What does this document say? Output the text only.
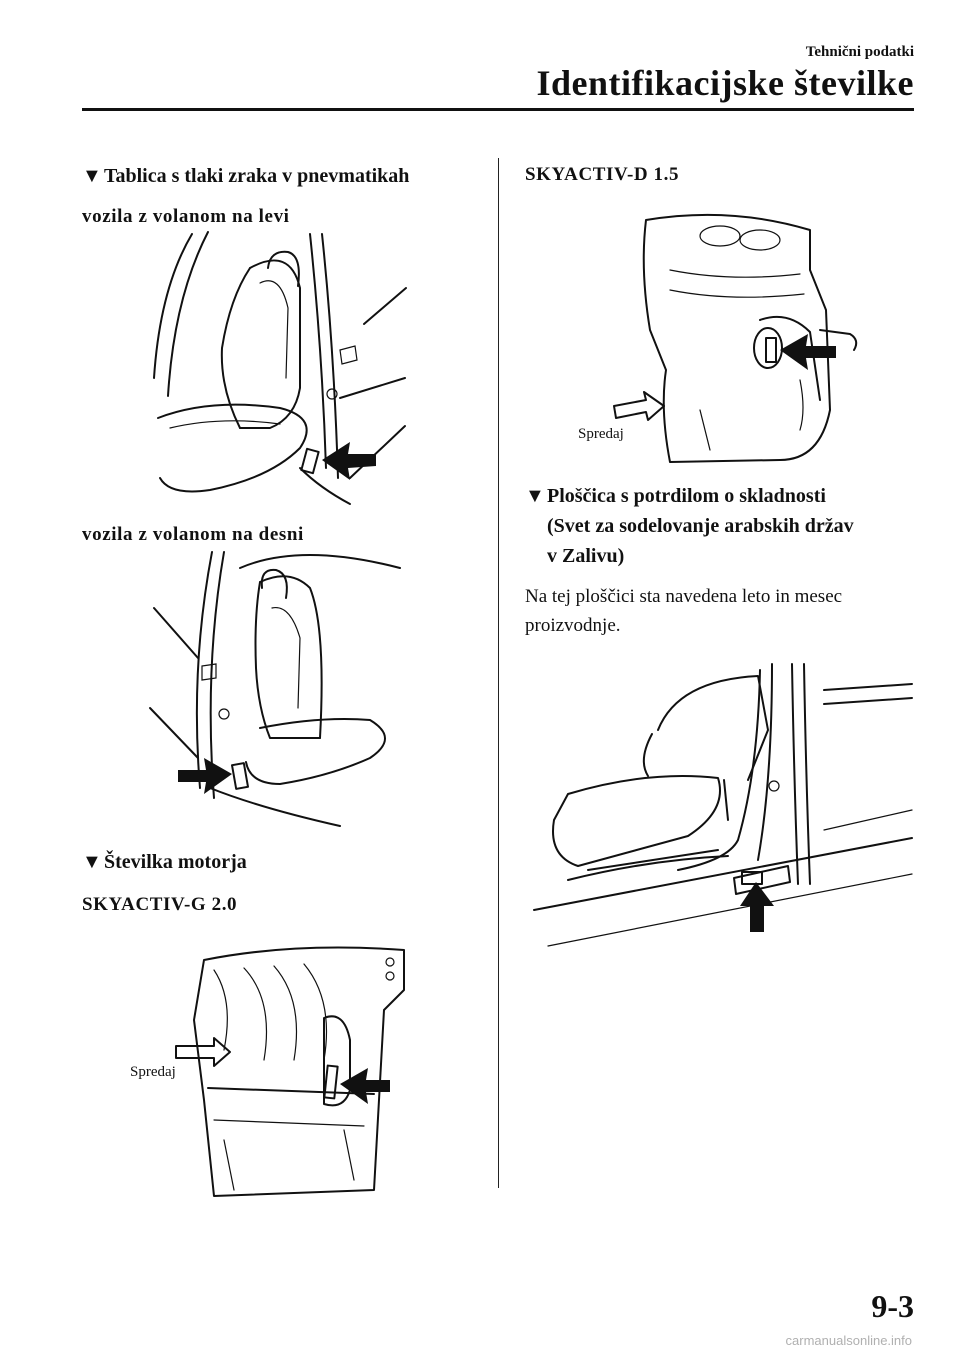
Tehnični podatki
Identifikacijske številke
▼ Tablica s tlaki zraka v pnevmatikah
vozila z volanom na levi
vozila z volanom na desni
▼ Številka motorja
SKYACTIV-G 2.0
Spredaj
SKYACTIV-D 1.5
Spredaj
▼ Ploščica s potrdilom o skladnosti
(Svet za sodelovanje arabskih držav
v Zalivu)
Na tej ploščici sta navedena leto in mesec
proizvodnje.
9-3
carmanualsonline.info
